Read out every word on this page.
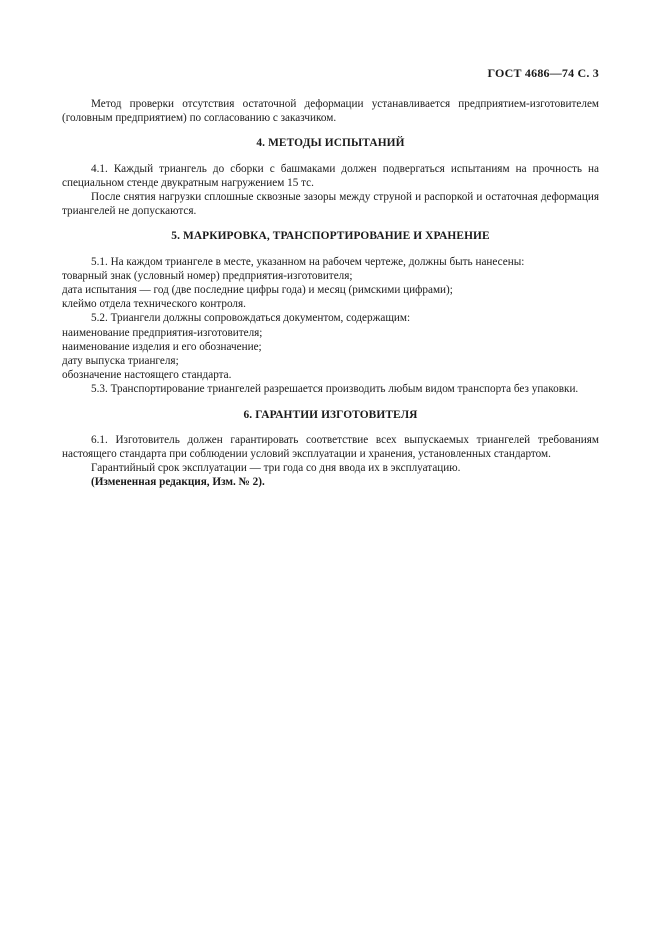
ГОСТ 4686—74 С. 3

Метод проверки отсутствия остаточной деформации устанавливается предприятием-изготовителем (головным предприятием) по согласованию с заказчиком.

4. МЕТОДЫ ИСПЫТАНИЙ

4.1. Каждый триангель до сборки с башмаками должен подвергаться испытаниям на прочность на специальном стенде двукратным нагружением 15 тс.

После снятия нагрузки сплошные сквозные зазоры между струной и распоркой и остаточная деформация триангелей не допускаются.

5. МАРКИРОВКА, ТРАНСПОРТИРОВАНИЕ И ХРАНЕНИЕ

5.1. На каждом триангеле в месте, указанном на рабочем чертеже, должны быть нанесены:

товарный знак (условный номер) предприятия-изготовителя;

дата испытания — год (две последние цифры года) и месяц (римскими цифрами);

клеймо отдела технического контроля.

5.2. Триангели должны сопровождаться документом, содержащим:

наименование предприятия-изготовителя;

наименование изделия и его обозначение;

дату выпуска триангеля;

обозначение настоящего стандарта.

5.3. Транспортирование триангелей разрешается производить любым видом транспорта без упаковки.

6. ГАРАНТИИ ИЗГОТОВИТЕЛЯ

6.1. Изготовитель должен гарантировать соответствие всех выпускаемых триангелей требованиям настоящего стандарта при соблюдении условий эксплуатации и хранения, установленных стандартом.

Гарантийный срок эксплуатации — три года со дня ввода их в эксплуатацию.

(Измененная редакция, Изм. № 2).
